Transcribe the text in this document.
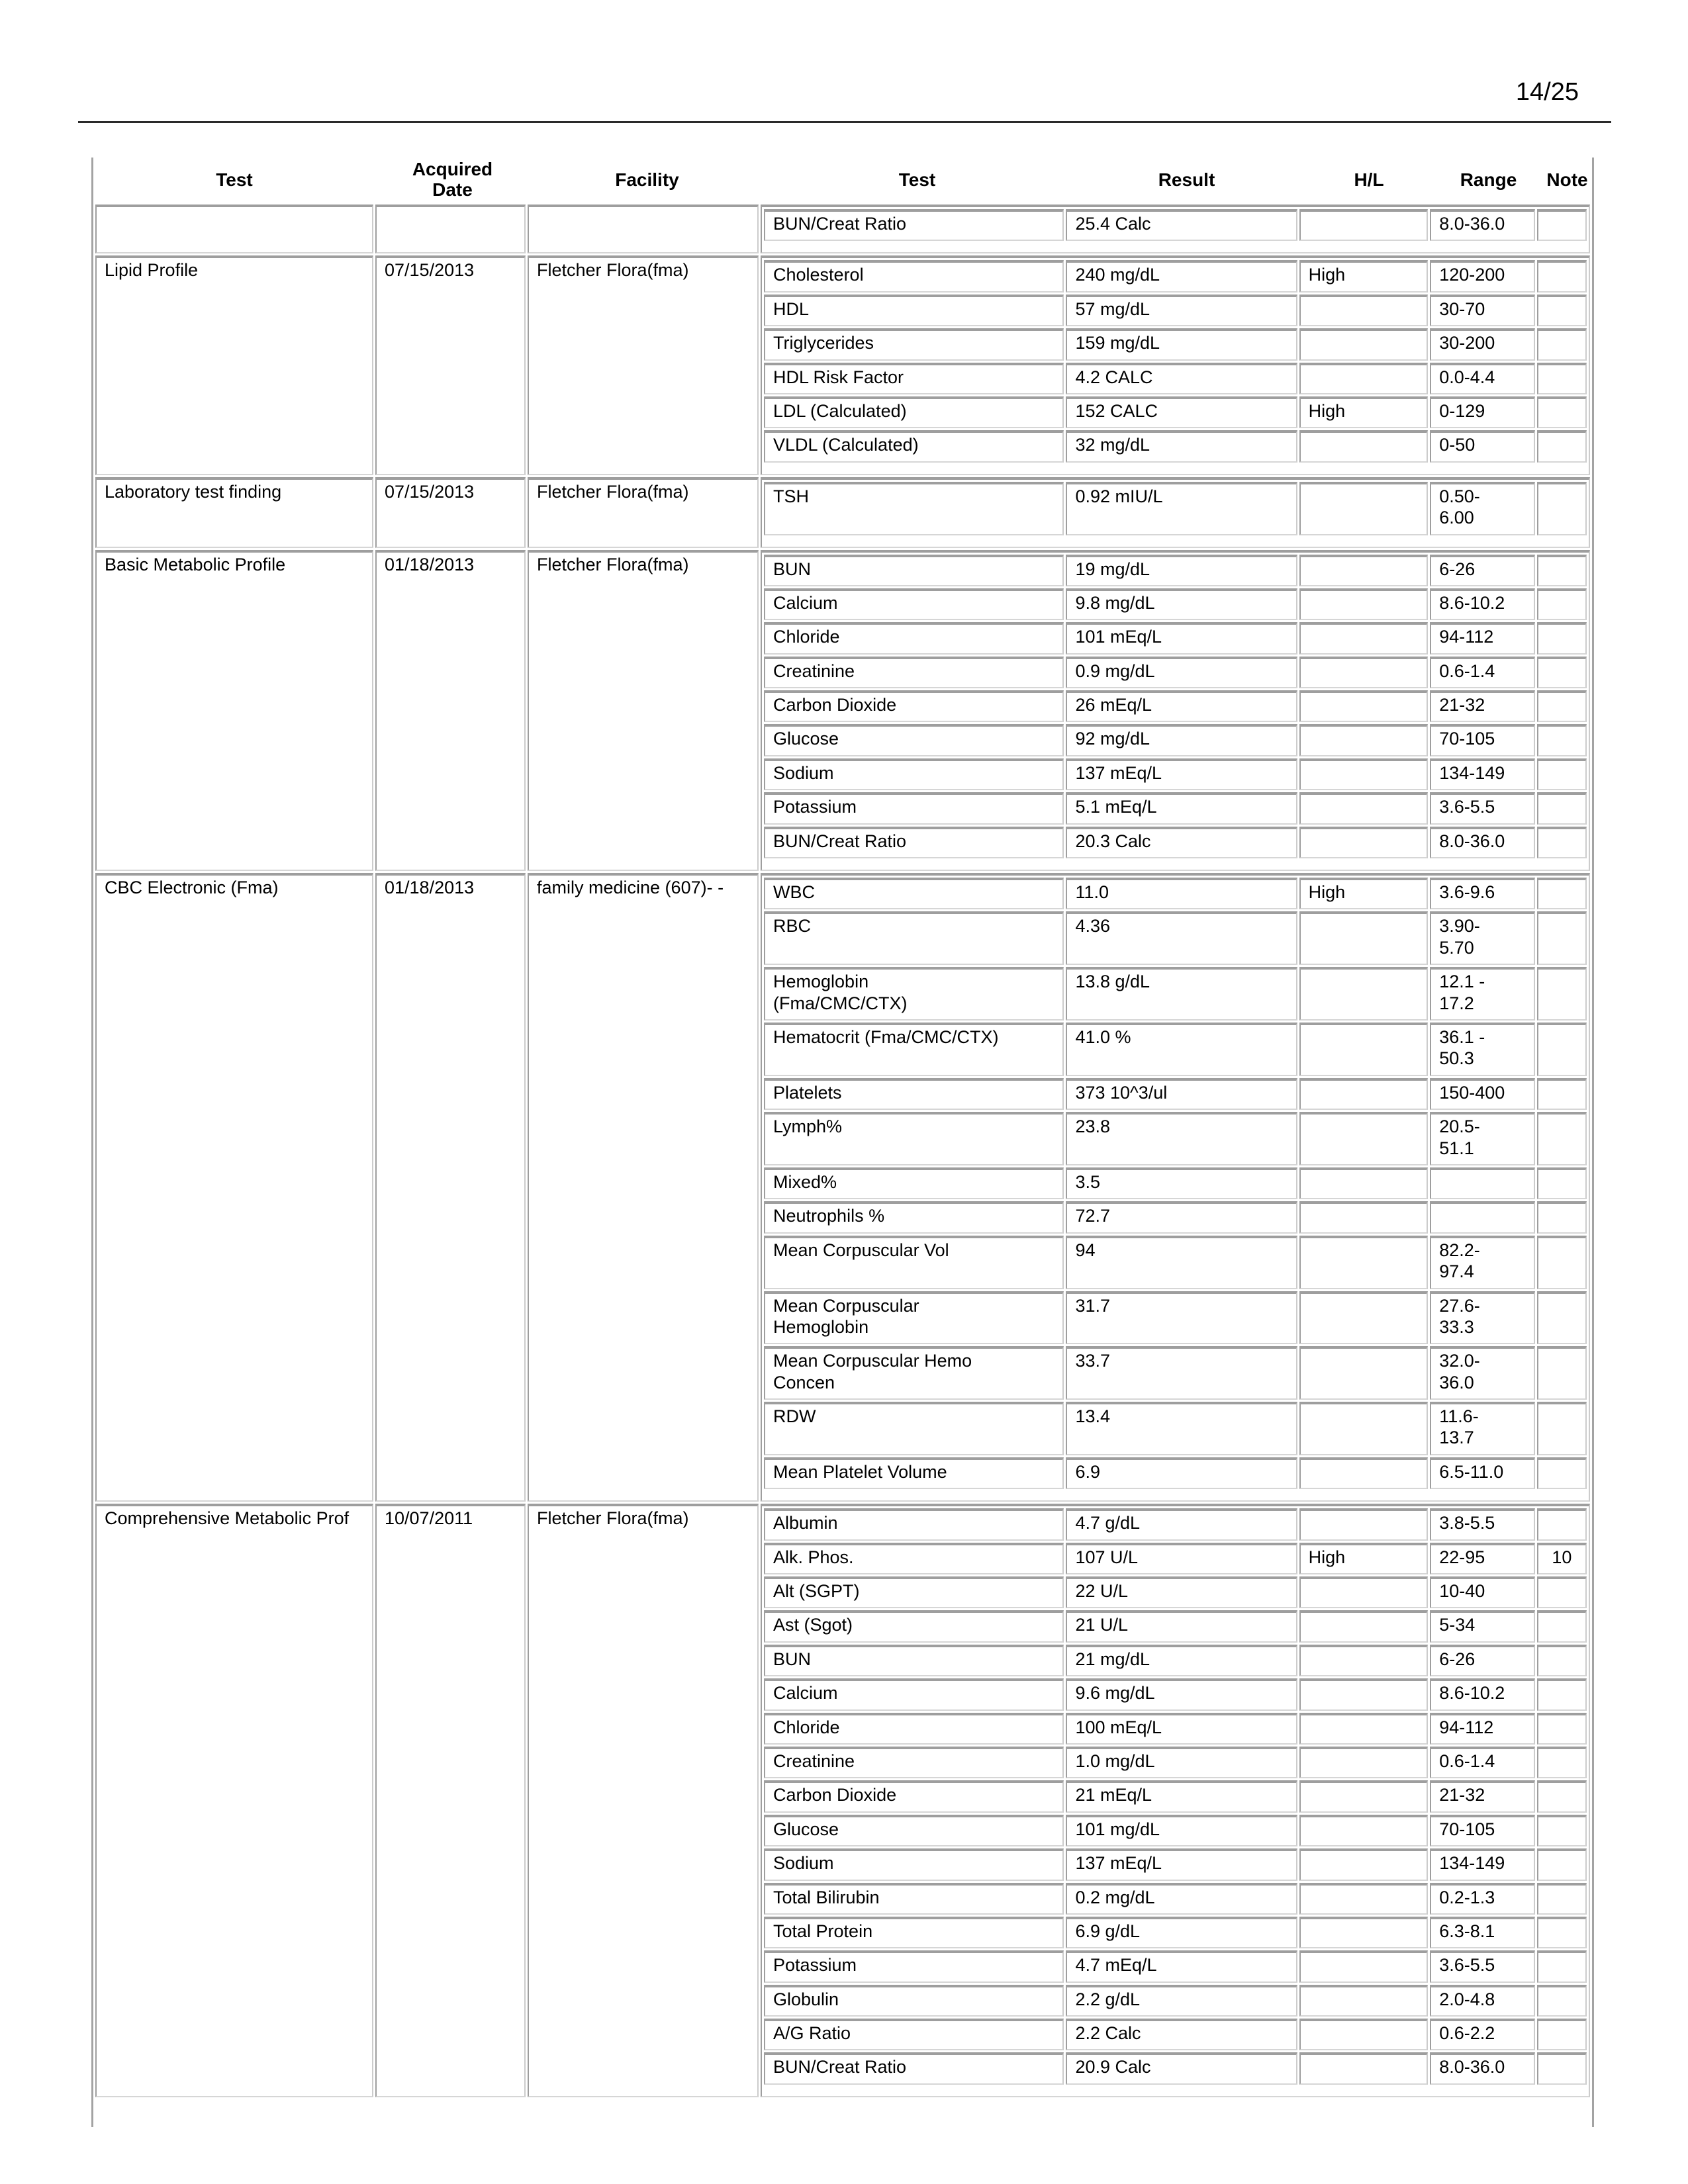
14/25
Test	Acquired Date	Facility	Test	Result	H/L	Range	Note

BUN/Creat Ratio	25.4 Calc		8.0-36.0	

Lipid Profile	07/15/2013	Fletcher Flora(fma)		Cholesterol	240 mg/dL	High	120-200	
HDL	57 mg/dL		30-70	
Triglycerides	159 mg/dL		30-200	
HDL Risk Factor	4.2 CALC		0.0-4.4	
LDL (Calculated)	152 CALC	High	0-129	
VLDL (Calculated)	32 mg/dL		0-50	

Laboratory test finding	07/15/2013	Fletcher Flora(fma)		TSH	0.92 mIU/L		0.50-6.00	

Basic Metabolic Profile	01/18/2013	Fletcher Flora(fma)		BUN	19 mg/dL		6-26	
Calcium	9.8 mg/dL		8.6-10.2	
Chloride	101 mEq/L		94-112	
Creatinine	0.9 mg/dL		0.6-1.4	
Carbon Dioxide	26 mEq/L		21-32	
Glucose	92 mg/dL		70-105	
Sodium	137 mEq/L		134-149	
Potassium	5.1 mEq/L		3.6-5.5	
BUN/Creat Ratio	20.3 Calc		8.0-36.0	

CBC Electronic (Fma)	01/18/2013	family medicine (607)- -		WBC	11.0	High	3.6-9.6	
RBC	4.36		3.90-5.70	
Hemoglobin (Fma/CMC/CTX)	13.8 g/dL		12.1 - 17.2	
Hematocrit (Fma/CMC/CTX)	41.0 %		36.1 - 50.3	
Platelets	373 10^3/ul		150-400	
Lymph%	23.8		20.5-51.1	
Mixed%	3.5			
Neutrophils %	72.7			
Mean Corpuscular Vol	94		82.2-97.4	
Mean Corpuscular Hemoglobin	31.7		27.6-33.3	
Mean Corpuscular Hemo Concen	33.7		32.0-36.0	
RDW	13.4		11.6-13.7	
Mean Platelet Volume	6.9		6.5-11.0	

Comprehensive Metabolic Prof	10/07/2011	Fletcher Flora(fma)		Albumin	4.7 g/dL		3.8-5.5	
Alk. Phos.	107 U/L	High	22-95	10
Alt (SGPT)	22 U/L		10-40	
Ast (Sgot)	21 U/L		5-34	
BUN	21 mg/dL		6-26	
Calcium	9.6 mg/dL		8.6-10.2	
Chloride	100 mEq/L		94-112	
Creatinine	1.0 mg/dL		0.6-1.4	
Carbon Dioxide	21 mEq/L		21-32	
Glucose	101 mg/dL		70-105	
Sodium	137 mEq/L		134-149	
Total Bilirubin	0.2 mg/dL		0.2-1.3	
Total Protein	6.9 g/dL		6.3-8.1	
Potassium	4.7 mEq/L		3.6-5.5	
Globulin	2.2 g/dL		2.0-4.8	
A/G Ratio	2.2 Calc		0.6-2.2	
BUN/Creat Ratio	20.9 Calc		8.0-36.0	
